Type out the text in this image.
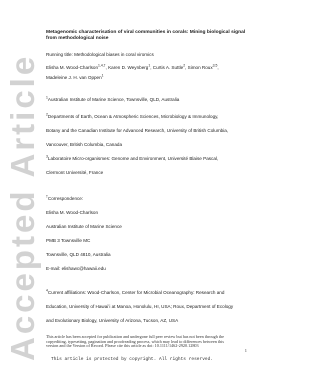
Accepted Article
Metagenomic characterisation of viral communities in corals: Mining biological signal
from methodological noise
Running title: Methodological biases in coral viromics
Elisha M. Wood-Charlson$^{1,4,\dagger}$, Karen D. Weynberg$^1$, Curtis A. Suttle$^2$, Simon Roux$^{3,5}$,
Madeleine J. H. van Oppen$^1$
$^1$Australian Institute of Marine Science, Townsville, QLD, Australia
$^2$Departments of Earth, Ocean & Atmospheric Sciences, Microbiology & Immunology,
Botany and the Canadian Institute for Advanced Research, University of British Columbia,
Vancouver, British Columbia, Canada
$^3$Laboratoire Micro-organismes: Genome and Environment, Université Blaise Pascal,
Clermont Université, France
†Correspondence:
Elisha M. Wood-Charlson
Australian Institute of Marine Science
PMB 3 Townsville MC
Townsville, QLD 4810, Australia
E-mail: elishawc@hawaii.edu
$^4$Current affiliations: Wood-Charlson, Center for Microbial Oceanography: Research and
Education, University of Hawaiʻi at Manoa, Honolulu, HI, USA; Roux, Department of Ecology
and Evolutionary Biology, University of Arizona, Tucson, AZ, USA
This article has been accepted for publication and undergone full peer review but has not been through the
copyediting, typesetting, pagination and proofreading process, which may lead to differences between this
version and the Version of Record. Please cite this article as doi: 10.1111/1462-2920.12803
1
This article is protected by copyright. All rights reserved.
